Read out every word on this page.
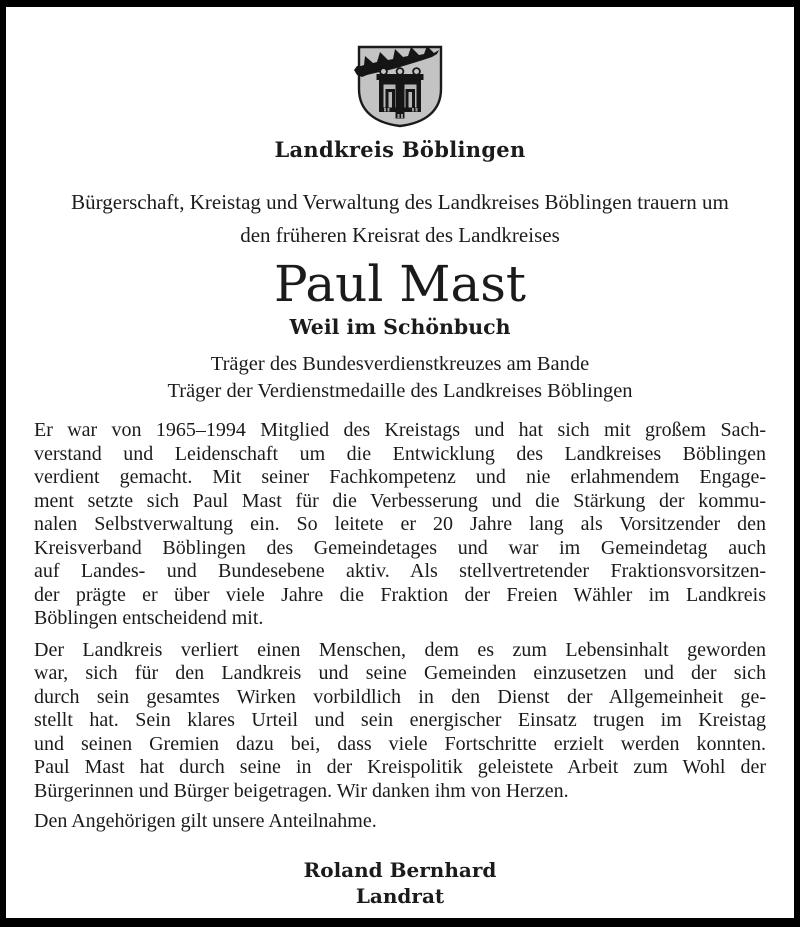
Landkreis Böblingen
Bürgerschaft, Kreistag und Verwaltung des Landkreises Böblingen trauern um
den früheren Kreisrat des Landkreises
Paul Mast
Weil im Schönbuch
Träger des Bundesverdienstkreuzes am Bande
Träger der Verdienstmedaille des Landkreises Böblingen
Er war von 1965–1994 Mitglied des Kreistags und hat sich mit großem Sach-
verstand und Leidenschaft um die Entwicklung des Landkreises Böblingen
verdient gemacht. Mit seiner Fachkompetenz und nie erlahmendem Engage-
ment setzte sich Paul Mast für die Verbesserung und die Stärkung der kommu-
nalen Selbstverwaltung ein. So leitete er 20 Jahre lang als Vorsitzender den
Kreisverband Böblingen des Gemeindetages und war im Gemeindetag auch
auf Landes- und Bundesebene aktiv. Als stellvertretender Fraktionsvorsitzen-
der prägte er über viele Jahre die Fraktion der Freien Wähler im Landkreis
Böblingen entscheidend mit.
Der Landkreis verliert einen Menschen, dem es zum Lebensinhalt geworden
war, sich für den Landkreis und seine Gemeinden einzusetzen und der sich
durch sein gesamtes Wirken vorbildlich in den Dienst der Allgemeinheit ge-
stellt hat. Sein klares Urteil und sein energischer Einsatz trugen im Kreistag
und seinen Gremien dazu bei, dass viele Fortschritte erzielt werden konnten.
Paul Mast hat durch seine in der Kreispolitik geleistete Arbeit zum Wohl der
Bürgerinnen und Bürger beigetragen. Wir danken ihm von Herzen.
Den Angehörigen gilt unsere Anteilnahme.
Roland Bernhard
Landrat
